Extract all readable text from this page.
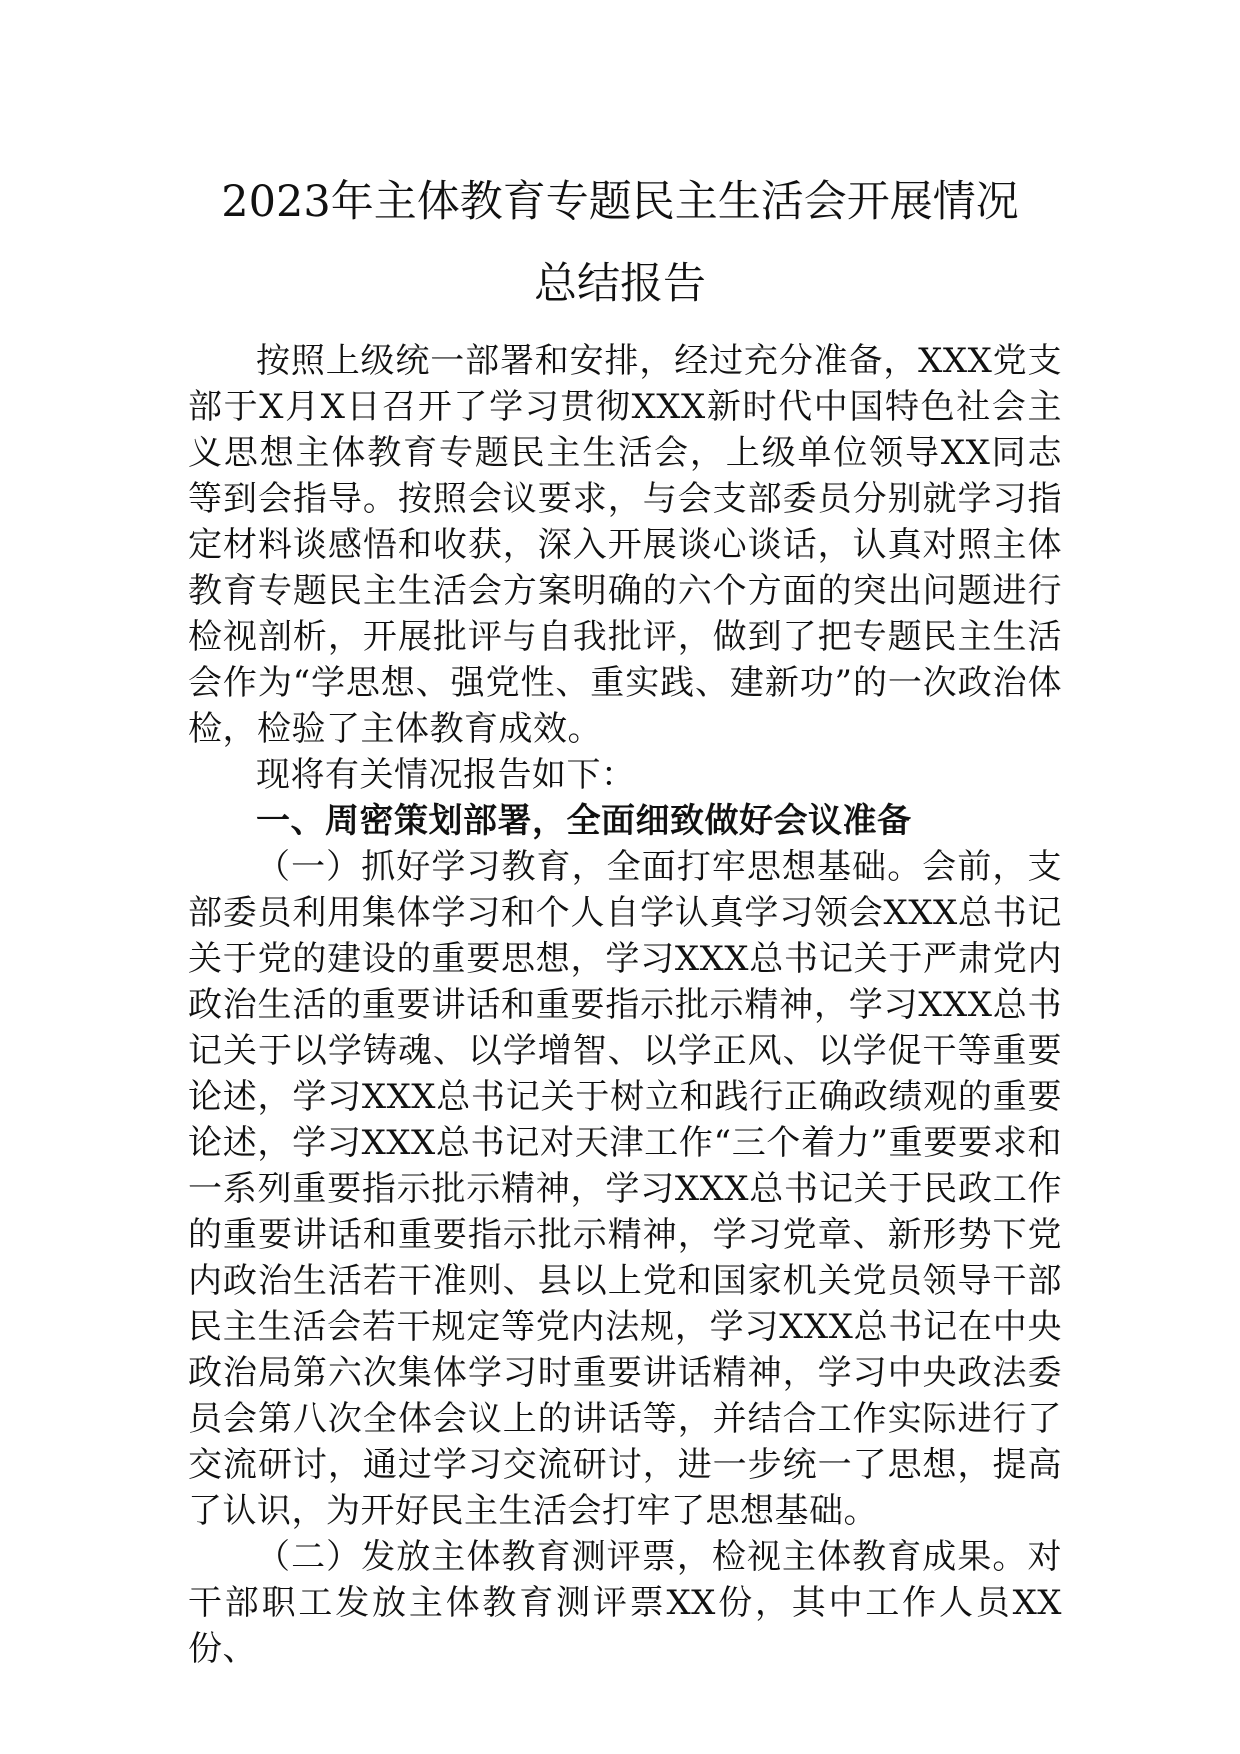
2023年主体教育专题民主生活会开展情况
总结报告

按照上级统一部署和安排，经过充分准备，XXX党支部于X月X日召开了学习贯彻XXX新时代中国特色社会主义思想主体教育专题民主生活会，上级单位领导XX同志等到会指导。按照会议要求，与会支部委员分别就学习指定材料谈感悟和收获，深入开展谈心谈话，认真对照主体教育专题民主生活会方案明确的六个方面的突出问题进行检视剖析，开展批评与自我批评，做到了把专题民主生活会作为“学思想、强党性、重实践、建新功”的一次政治体检，检验了主体教育成效。

现将有关情况报告如下：

一、周密策划部署，全面细致做好会议准备

（一）抓好学习教育，全面打牢思想基础。会前，支部委员利用集体学习和个人自学认真学习领会XXX总书记关于党的建设的重要思想，学习XXX总书记关于严肃党内政治生活的重要讲话和重要指示批示精神，学习XXX总书记关于以学铸魂、以学增智、以学正风、以学促干等重要论述，学习XXX总书记关于树立和践行正确政绩观的重要论述，学习XXX总书记对天津工作“三个着力”重要要求和一系列重要指示批示精神，学习XXX总书记关于民政工作的重要讲话和重要指示批示精神，学习党章、新形势下党内政治生活若干准则、县以上党和国家机关党员领导干部民主生活会若干规定等党内法规，学习XXX总书记在中央政治局第六次集体学习时重要讲话精神，学习中央政法委员会第八次全体会议上的讲话等，并结合工作实际进行了交流研讨，通过学习交流研讨，进一步统一了思想，提高了认识，为开好民主生活会打牢了思想基础。

（二）发放主体教育测评票，检视主体教育成果。对干部职工发放主体教育测评票XX份，其中工作人员XX份、
